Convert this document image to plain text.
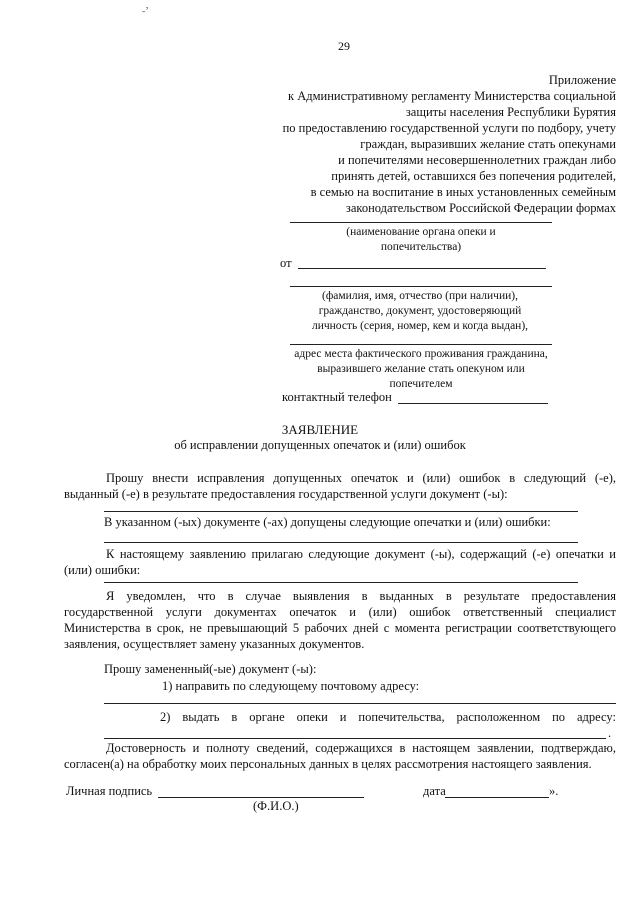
˗’
29
Приложение
к Административному регламенту Министерства социальной
защиты населения Республики Бурятия
по предоставлению государственной услуги по подбору, учету
граждан, выразивших желание стать опекунами
и попечителями несовершеннолетних граждан либо
принять детей, оставшихся без попечения родителей,
в семью на воспитание в иных установленных семейным
законодательством Российской Федерации формах
(наименование органа опеки и
попечительства)
от
(фамилия, имя, отчество (при наличии),
гражданство, документ, удостоверяющий
личность (серия, номер, кем и когда выдан),
адрес места фактического проживания гражданина,
выразившего желание стать опекуном или
попечителем
контактный телефон
ЗАЯВЛЕНИЕ
об исправлении допущенных опечаток и (или) ошибок
Прошу внести исправления допущенных опечаток и (или) ошибок в следующий (-е), выданный (-е) в результате предоставления государственной услуги документ (-ы):
В указанном (-ых) документе (-ах) допущены следующие опечатки и (или) ошибки:
К настоящему заявлению прилагаю следующие документ (-ы), содержащий (-е) опечатки и (или) ошибки:
Я уведомлен, что в случае выявления в выданных в результате предоставления государственной услуги документах опечаток и (или) ошибок ответственный специалист Министерства в срок, не превышающий 5 рабочих дней с момента регистрации соответствующего заявления, осуществляет замену указанных документов.
Прошу замененный(-ые) документ (-ы):
1) направить по следующему почтовому адресу:
2) выдать в органе опеки и попечительства, расположенном по адресу:
.
Достоверность и полноту сведений, содержащихся в настоящем заявлении, подтверждаю, согласен(а) на обработку моих персональных данных в целях рассмотрения настоящего заявления.
Личная подпись
(Ф.И.О.)
дата	».
